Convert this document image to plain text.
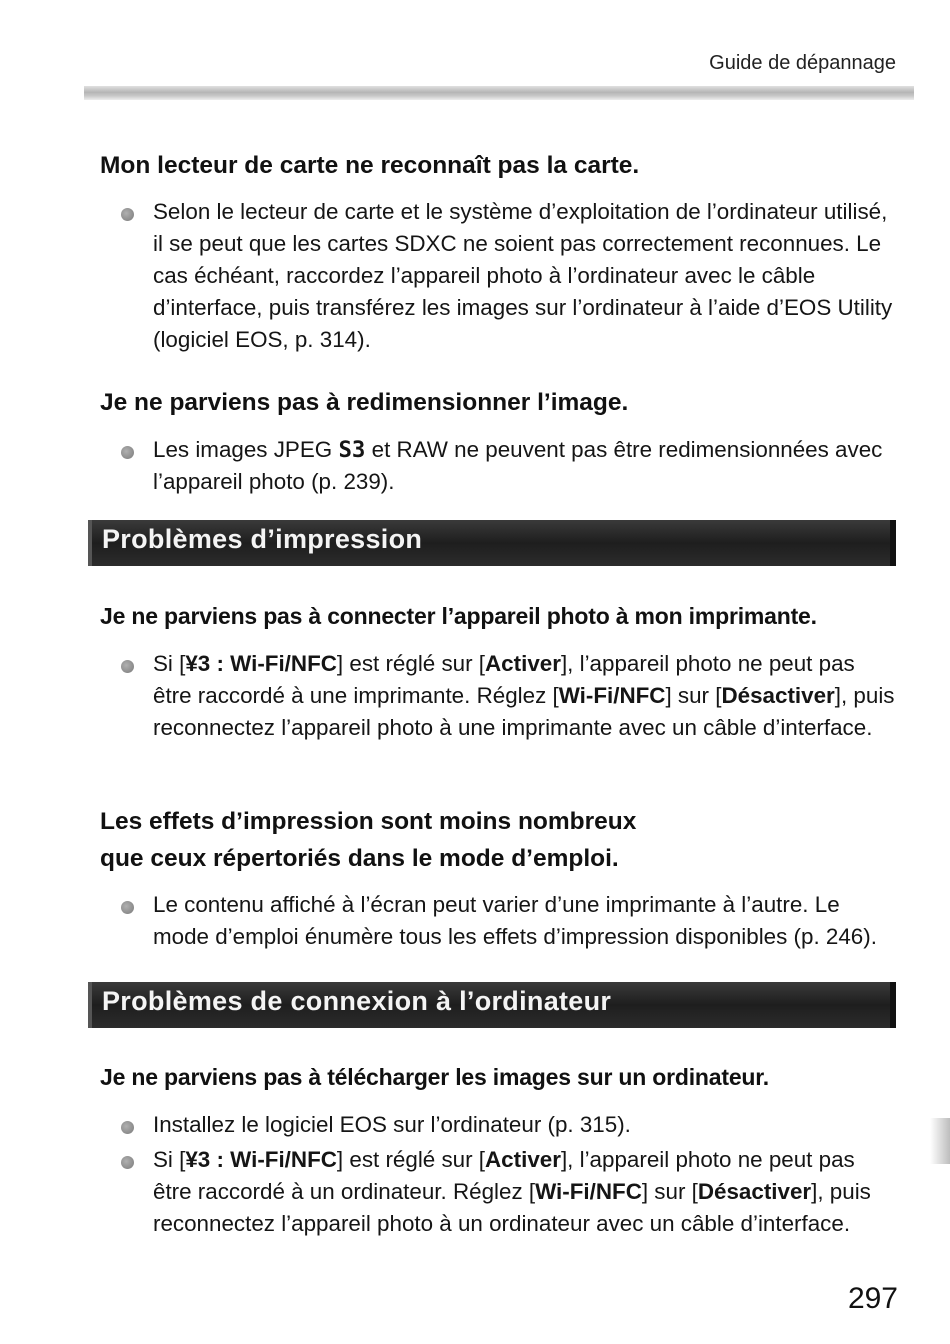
Guide de dépannage
Mon lecteur de carte ne reconnaît pas la carte.
Selon le lecteur de carte et le système d’exploitation de l’ordinateur utilisé, il se peut que les cartes SDXC ne soient pas correctement reconnues. Le cas échéant, raccordez l’appareil photo à l’ordinateur avec le câble d’interface, puis transférez les images sur l’ordinateur à l’aide d’EOS Utility (logiciel EOS, p. 314).
Je ne parviens pas à redimensionner l’image.
Les images JPEG S3 et RAW ne peuvent pas être redimensionnées avec l’appareil photo (p. 239).
Problèmes d’impression
Je ne parviens pas à connecter l’appareil photo à mon imprimante.
Si [¥3 : Wi-Fi/NFC] est réglé sur [Activer], l’appareil photo ne peut pas être raccordé à une imprimante. Réglez [Wi-Fi/NFC] sur [Désactiver], puis reconnectez l’appareil photo à une imprimante avec un câble d’interface.
Les effets d’impression sont moins nombreux
que ceux répertoriés dans le mode d’emploi.
Le contenu affiché à l’écran peut varier d’une imprimante à l’autre. Le mode d’emploi énumère tous les effets d’impression disponibles (p. 246).
Problèmes de connexion à l’ordinateur
Je ne parviens pas à télécharger les images sur un ordinateur.
Installez le logiciel EOS sur l’ordinateur (p. 315).
Si [¥3 : Wi-Fi/NFC] est réglé sur [Activer], l’appareil photo ne peut pas être raccordé à un ordinateur. Réglez [Wi-Fi/NFC] sur [Désactiver], puis reconnectez l’appareil photo à un ordinateur avec un câble d’interface.
297
